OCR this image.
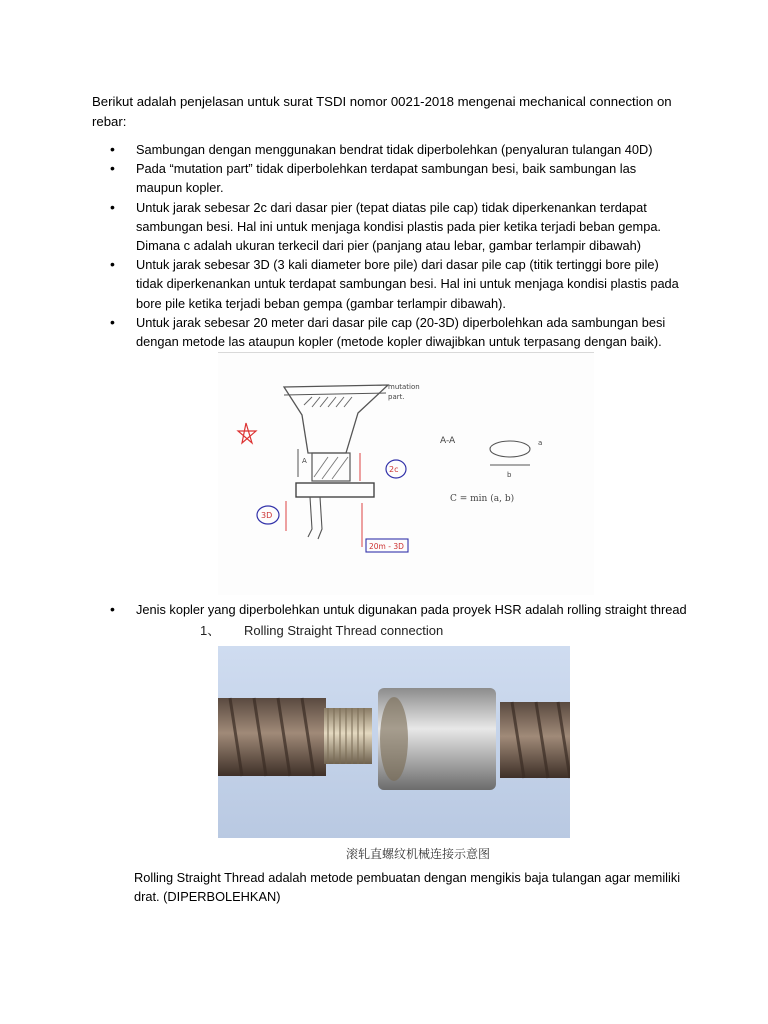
Berikut adalah penjelasan untuk surat TSDI nomor 0021-2018 mengenai mechanical connection on rebar:
• Sambungan dengan menggunakan bendrat tidak diperbolehkan (penyaluran tulangan 40D)
• Pada “mutation part” tidak diperbolehkan terdapat sambungan besi, baik sambungan las maupun kopler.
• Untuk jarak sebesar 2c dari dasar pier (tepat diatas pile cap) tidak diperkenankan terdapat sambungan besi. Hal ini untuk menjaga kondisi plastis pada pier ketika terjadi beban gempa. Dimana c adalah ukuran terkecil dari pier (panjang atau lebar, gambar terlampir dibawah)
• Untuk jarak sebesar 3D (3 kali diameter bore pile) dari dasar pile cap (titik tertinggi bore pile) tidak diperkenankan untuk terdapat sambungan besi. Hal ini untuk menjaga kondisi plastis pada bore pile ketika terjadi beban gempa (gambar terlampir dibawah).
• Untuk jarak sebesar 20 meter dari dasar pile cap (20-3D) diperbolehkan ada sambungan besi dengan metode las ataupun kopler (metode kopler diwajibkan untuk terpasang dengan baik).
mutation
part.
A
2c
3D
20m - 3D
A-A	a
b
C = min (a, b)
• Jenis kopler yang diperbolehkan untuk digunakan pada proyek HSR adalah rolling straight thread
1、 Rolling Straight Thread connection
滚轧直螺纹机械连接示意图
Rolling Straight Thread adalah metode pembuatan dengan mengikis baja tulangan agar memiliki drat. (DIPERBOLEHKAN)
